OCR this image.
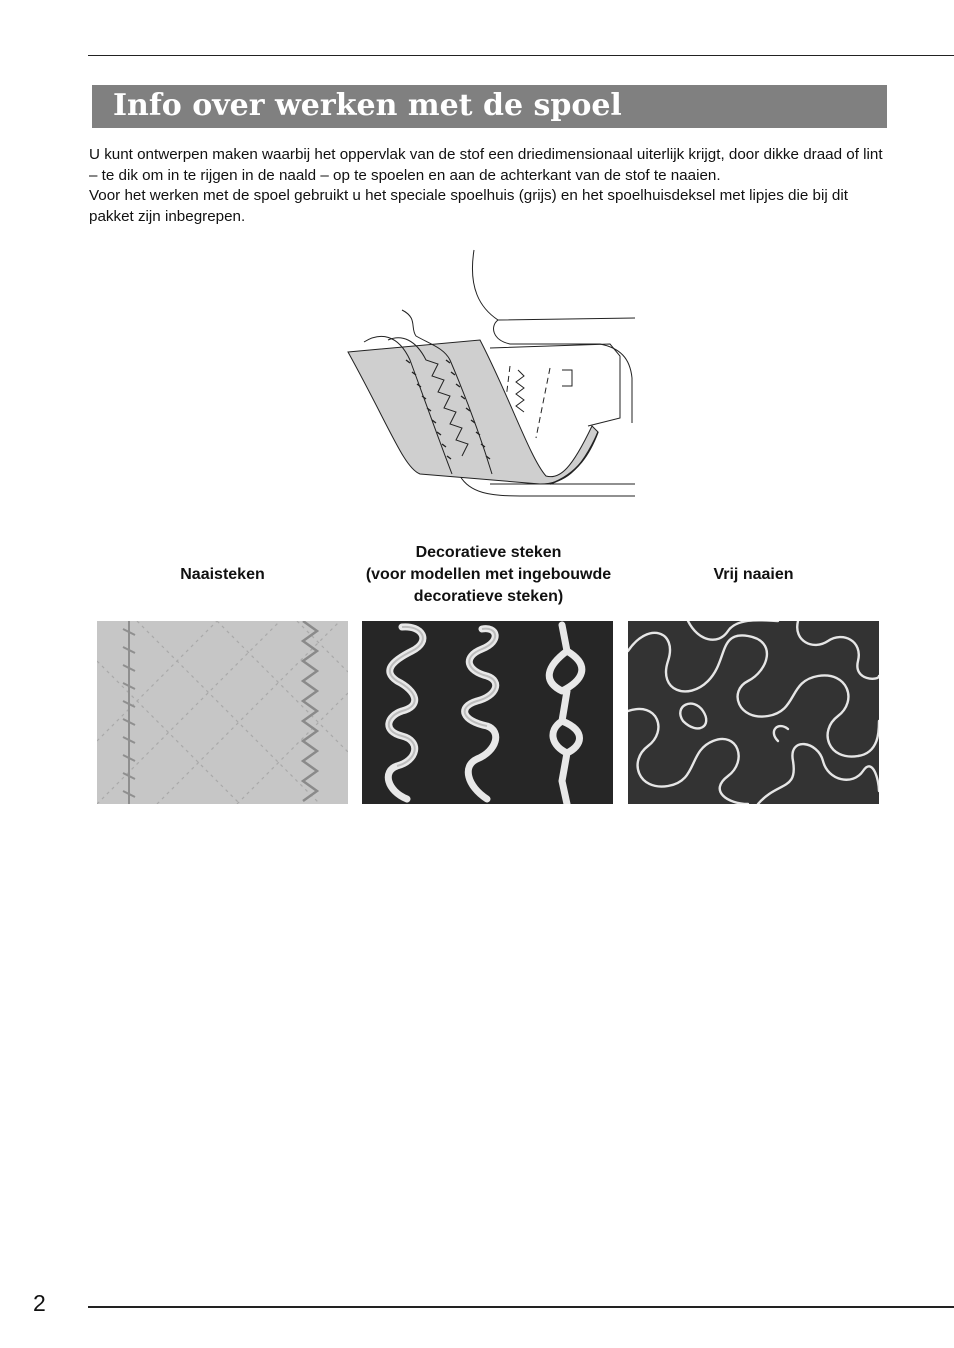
Info over werken met de spoel

U kunt ontwerpen maken waarbij het oppervlak van de stof een driedimensionaal uiterlijk krijgt, door dikke draad of lint – te dik om in te rijgen in de naald – op te spoelen en aan de achterkant van de stof te naaien.

Voor het werken met de spoel gebruikt u het speciale spoelhuis (grijs) en het spoelhuisdeksel met lipjes die bij dit pakket zijn inbegrepen.

Naaisteken
Decoratieve steken
(voor modellen met ingebouwde
decoratieve steken)
Vrij naaien
2
